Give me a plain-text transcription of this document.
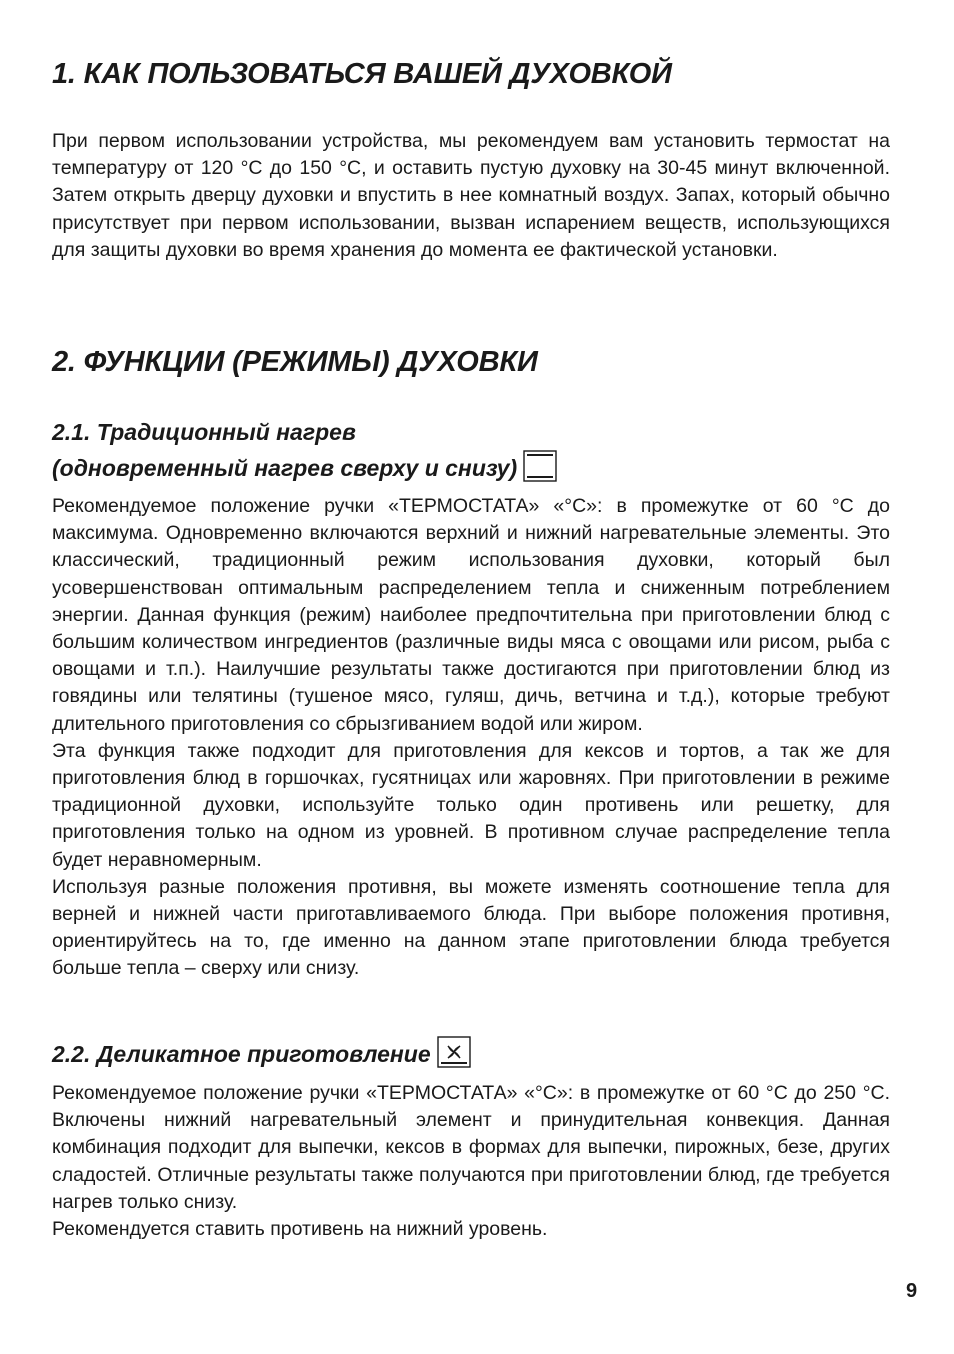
1. КАК ПОЛЬЗОВАТЬСЯ ВАШЕЙ ДУХОВКОЙ

При первом использовании устройства, мы рекомендуем вам установить термостат на температуру от 120 °С до 150 °С, и оставить пустую духовку на 30-45 минут включенной. Затем открыть дверцу духовки и впустить в нее комнатный воздух. Запах, который обычно присутствует при первом использовании, вызван испарением веществ, использующихся для защиты духовки во время хранения до момента ее фактической установки.

2. ФУНКЦИИ (РЕЖИМЫ) ДУХОВКИ
2.1. Традиционный нагрев
(одновременный нагрев сверху и снизу)

Рекомендуемое положение ручки «ТЕРМОСТАТА» «°С»: в промежутке от 60 °С до максимума. Одновременно включаются верхний и нижний нагревательные элементы. Это классический, традиционный режим использования духовки, который был усовершенствован оптимальным распределением тепла и сниженным потреблением энергии. Данная функция (режим) наиболее предпочтительна при приготовлении блюд с большим количеством ингредиентов (различные виды мяса с овощами или рисом, рыба с овощами и т.п.). Наилучшие результаты также достигаются при приготовлении блюд из говядины или телятины (тушеное мясо, гуляш, дичь, ветчина и т.д.), которые требуют длительного приготовления со сбрызгиванием водой или жиром.

Эта функция также подходит для приготовления для кексов и тортов, а так же для приготовления блюд в горшочках, гусятницах или жаровнях. При приготовлении в режиме традиционной духовки, используйте только один противень или решетку, для приготовления только на одном из уровней. В противном случае распределение тепла будет неравномерным.

Используя разные положения противня, вы можете изменять соотношение тепла для верней и нижней части приготавливаемого блюда. При выборе положения противня, ориентируйтесь на то, где именно на данном этапе приготовлении блюда требуется больше тепла – сверху или снизу.

2.2. Деликатное приготовление

Рекомендуемое положение ручки «ТЕРМОСТАТА» «°С»: в промежутке от 60 °С до 250 °С. Включены нижний нагревательный элемент и принудительная конвекция. Данная комбинация подходит для выпечки, кексов в формах для выпечки, пирожных, безе, других сладостей. Отличные результаты также получаются при приготовлении блюд, где требуется нагрев только снизу.

Рекомендуется ставить противень на нижний уровень.

9
